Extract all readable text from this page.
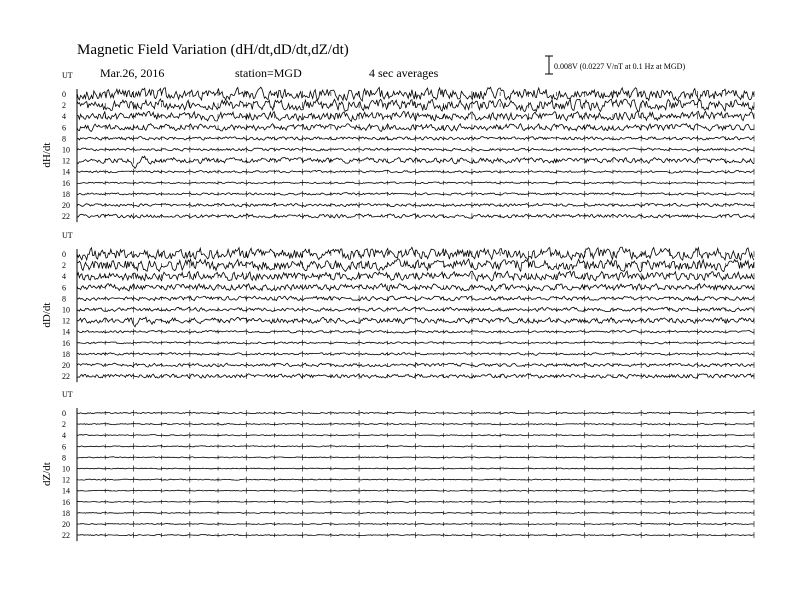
Magnetic Field Variation (dH/dt,dD/dt,dZ/dt)
Mar.26, 2016	station=MGD	4 sec averages	0.008V (0.0227 V/nT at 0.1 Hz at MGD)
UT
dH/dt
0
2
4
6
8
10
12
14
16
18
20
22
UT
dD/dt
0
2
4
6
8
10
12
14
16
18
20
22
UT
dZ/dt
0
2
4
6
8
10
12
14
16
18
20
22
